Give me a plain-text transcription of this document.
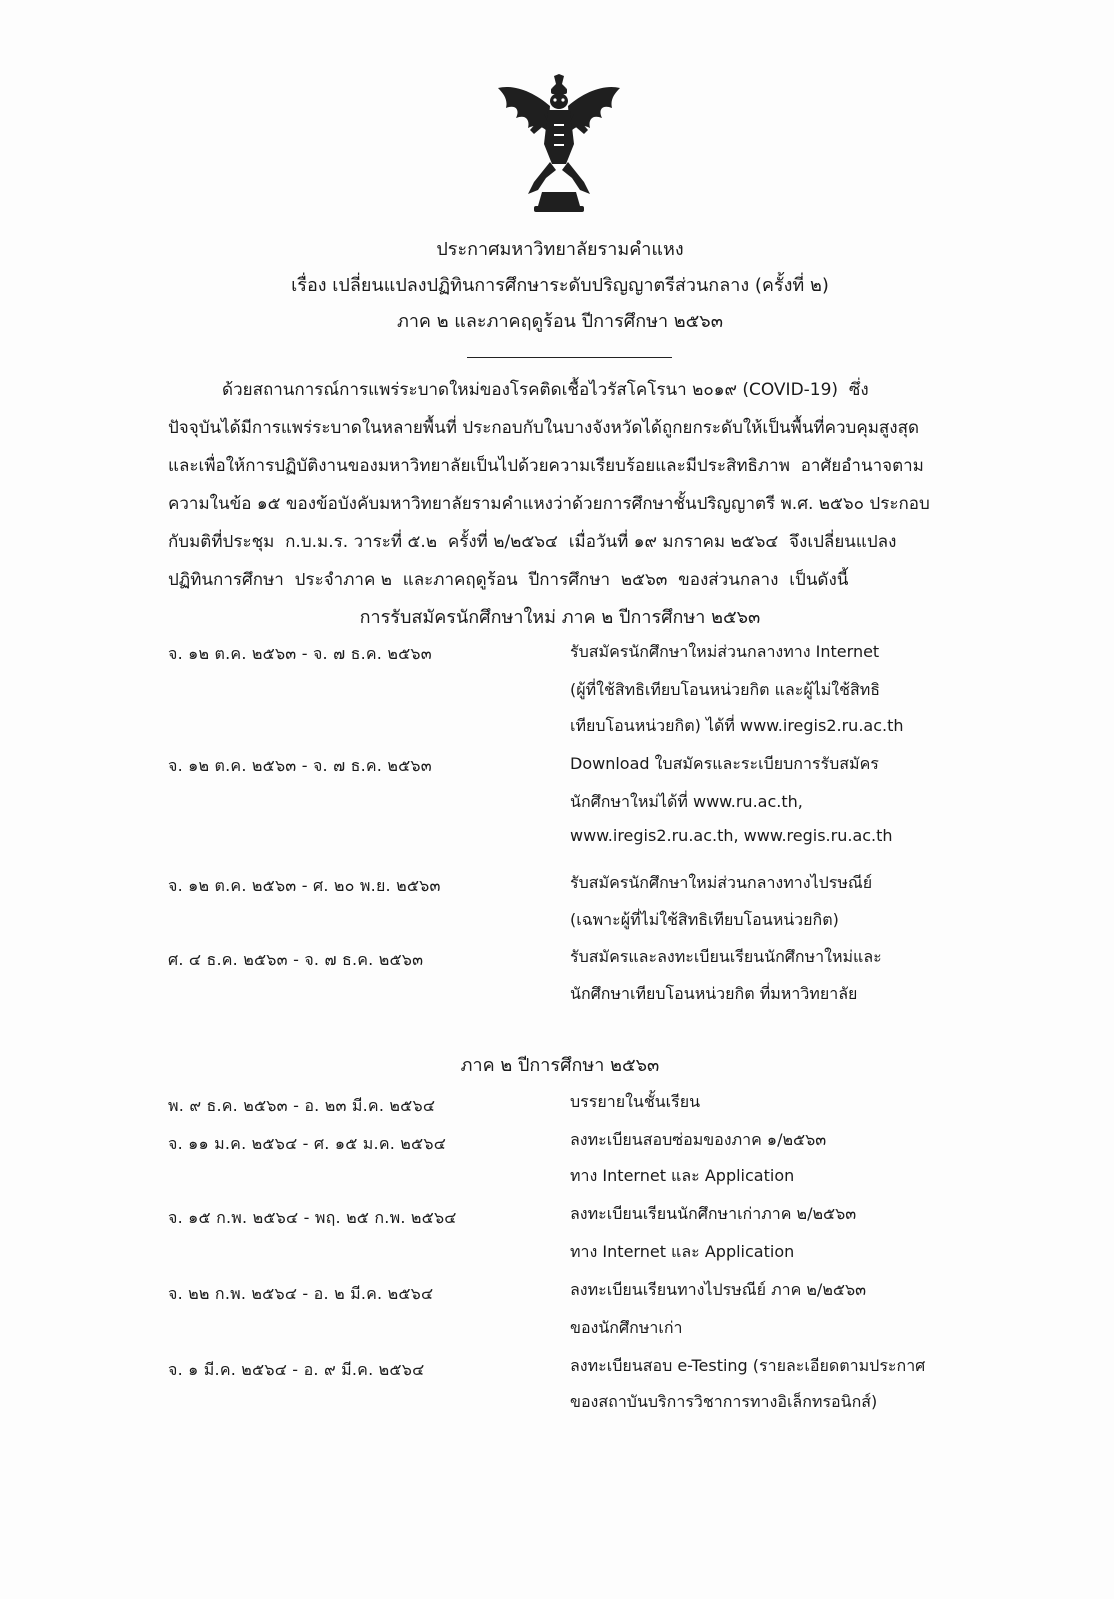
ประกาศมหาวิทยาลัยรามคำแหง
เรื่อง เปลี่ยนแปลงปฏิทินการศึกษาระดับปริญญาตรีส่วนกลาง (ครั้งที่ ๒)
ภาค ๒ และภาคฤดูร้อน ปีการศึกษา ๒๕๖๓
ด้วยสถานการณ์การแพร่ระบาดใหม่ของโรคติดเชื้อไวรัสโคโรนา ๒๐๑๙ (COVID-19)  ซึ่ง
ปัจจุบันได้มีการแพร่ระบาดในหลายพื้นที่ ประกอบกับในบางจังหวัดได้ถูกยกระดับให้เป็นพื้นที่ควบคุมสูงสุด
และเพื่อให้การปฏิบัติงานของมหาวิทยาลัยเป็นไปด้วยความเรียบร้อยและมีประสิทธิภาพ  อาศัยอำนาจตาม
ความในข้อ ๑๕ ของข้อบังคับมหาวิทยาลัยรามคำแหงว่าด้วยการศึกษาชั้นปริญญาตรี พ.ศ. ๒๕๖๐ ประกอบ
กับมติที่ประชุม  ก.บ.ม.ร. วาระที่ ๕.๒  ครั้งที่ ๒/๒๕๖๔  เมื่อวันที่ ๑๙ มกราคม ๒๕๖๔  จึงเปลี่ยนแปลง
ปฏิทินการศึกษา  ประจำภาค ๒  และภาคฤดูร้อน  ปีการศึกษา  ๒๕๖๓  ของส่วนกลาง  เป็นดังนี้
การรับสมัครนักศึกษาใหม่ ภาค ๒ ปีการศึกษา ๒๕๖๓
จ. ๑๒ ต.ค. ๒๕๖๓ - จ. ๗ ธ.ค. ๒๕๖๓	รับสมัครนักศึกษาใหม่ส่วนกลางทาง Internet
(ผู้ที่ใช้สิทธิเทียบโอนหน่วยกิต และผู้ไม่ใช้สิทธิ
เทียบโอนหน่วยกิต) ได้ที่ www.iregis2.ru.ac.th
จ. ๑๒ ต.ค. ๒๕๖๓ - จ. ๗ ธ.ค. ๒๕๖๓	Download ใบสมัครและระเบียบการรับสมัคร
นักศึกษาใหม่ได้ที่ www.ru.ac.th,
www.iregis2.ru.ac.th, www.regis.ru.ac.th
จ. ๑๒ ต.ค. ๒๕๖๓ - ศ. ๒๐ พ.ย. ๒๕๖๓	รับสมัครนักศึกษาใหม่ส่วนกลางทางไปรษณีย์
(เฉพาะผู้ที่ไม่ใช้สิทธิเทียบโอนหน่วยกิต)
ศ. ๔ ธ.ค. ๒๕๖๓ - จ. ๗ ธ.ค. ๒๕๖๓	รับสมัครและลงทะเบียนเรียนนักศึกษาใหม่และ
นักศึกษาเทียบโอนหน่วยกิต ที่มหาวิทยาลัย
ภาค ๒ ปีการศึกษา ๒๕๖๓
พ. ๙ ธ.ค. ๒๕๖๓ - อ. ๒๓ มี.ค. ๒๕๖๔	บรรยายในชั้นเรียน
จ. ๑๑ ม.ค. ๒๕๖๔ - ศ. ๑๕ ม.ค. ๒๕๖๔	ลงทะเบียนสอบซ่อมของภาค ๑/๒๕๖๓
ทาง Internet และ Application
จ. ๑๕ ก.พ. ๒๕๖๔ - พฤ. ๒๕ ก.พ. ๒๕๖๔	ลงทะเบียนเรียนนักศึกษาเก่าภาค ๒/๒๕๖๓
ทาง Internet และ Application
จ. ๒๒ ก.พ. ๒๕๖๔ - อ. ๒ มี.ค. ๒๕๖๔	ลงทะเบียนเรียนทางไปรษณีย์ ภาค ๒/๒๕๖๓
ของนักศึกษาเก่า
จ. ๑ มี.ค. ๒๕๖๔ - อ. ๙ มี.ค. ๒๕๖๔	ลงทะเบียนสอบ e-Testing (รายละเอียดตามประกาศ
ของสถาบันบริการวิชาการทางอิเล็กทรอนิกส์)
